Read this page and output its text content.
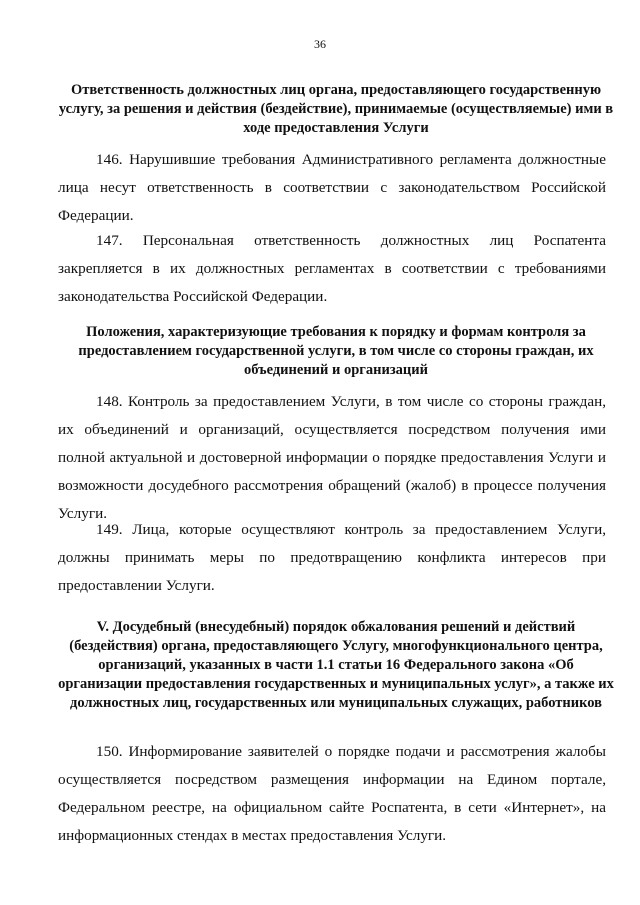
36
Ответственность должностных лиц органа, предоставляющего государственную услугу, за решения и действия (бездействие), принимаемые (осуществляемые) ими в ходе предоставления Услуги

146. Нарушившие требования Административного регламента должностные лица несут ответственность в соответствии с законодательством Российской Федерации.

147. Персональная ответственность должностных лиц Роспатента закрепляется в их должностных регламентах в соответствии с требованиями законодательства Российской Федерации.

Положения, характеризующие требования к порядку и формам контроля за предоставлением государственной услуги, в том числе со стороны граждан, их объединений и организаций

148. Контроль за предоставлением Услуги, в том числе со стороны граждан, их объединений и организаций, осуществляется посредством получения ими полной актуальной и достоверной информации о порядке предоставления Услуги и возможности досудебного рассмотрения обращений (жалоб) в процессе получения Услуги.

149. Лица, которые осуществляют контроль за предоставлением Услуги, должны принимать меры по предотвращению конфликта интересов при предоставлении Услуги.

V. Досудебный (внесудебный) порядок обжалования решений и действий (бездействия) органа, предоставляющего Услугу, многофункционального центра, организаций, указанных в части 1.1 статьи 16 Федерального закона «Об организации предоставления государственных и муниципальных услуг», а также их должностных лиц, государственных или муниципальных служащих, работников

150. Информирование заявителей о порядке подачи и рассмотрения жалобы осуществляется посредством размещения информации на Едином портале, Федеральном реестре, на официальном сайте Роспатента, в сети «Интернет», на информационных стендах в местах предоставления Услуги.
